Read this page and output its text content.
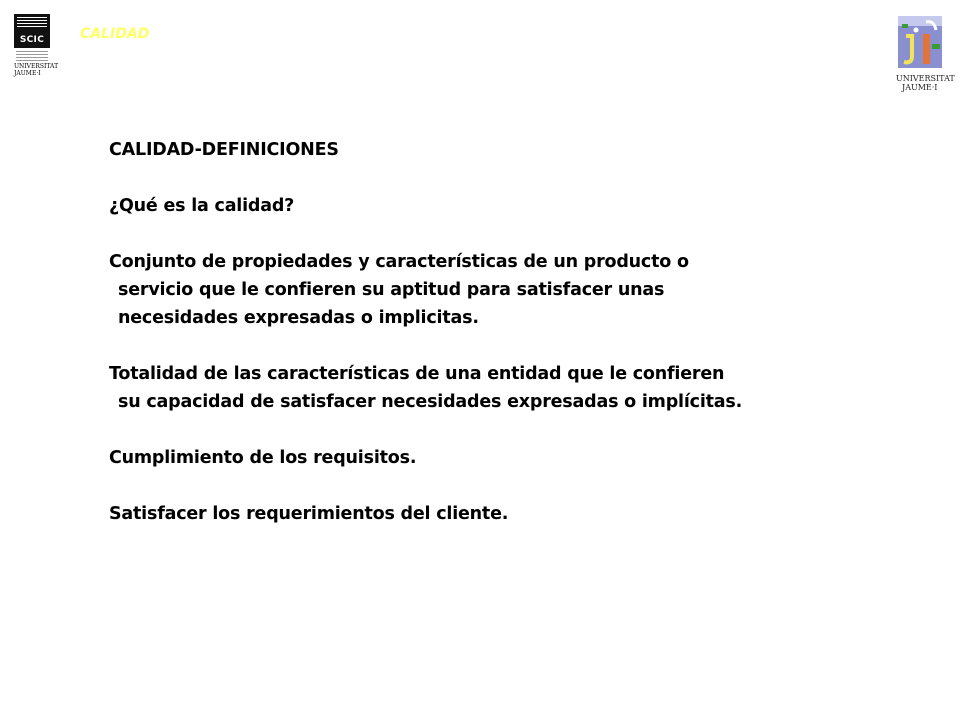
SCIC
UNIVERSITAT JAUME·I
CALIDAD
UNIVERSITAT
JAUME·I
CALIDAD-DEFINICIONES
¿Qué es la calidad?
Conjunto de propiedades y características de un producto o
servicio que le confieren su aptitud para satisfacer unas
necesidades expresadas o implicitas.
Totalidad de las características de una entidad que le confieren
su capacidad de satisfacer necesidades expresadas o implícitas.
Cumplimiento de los requisitos.
Satisfacer los requerimientos del cliente.
